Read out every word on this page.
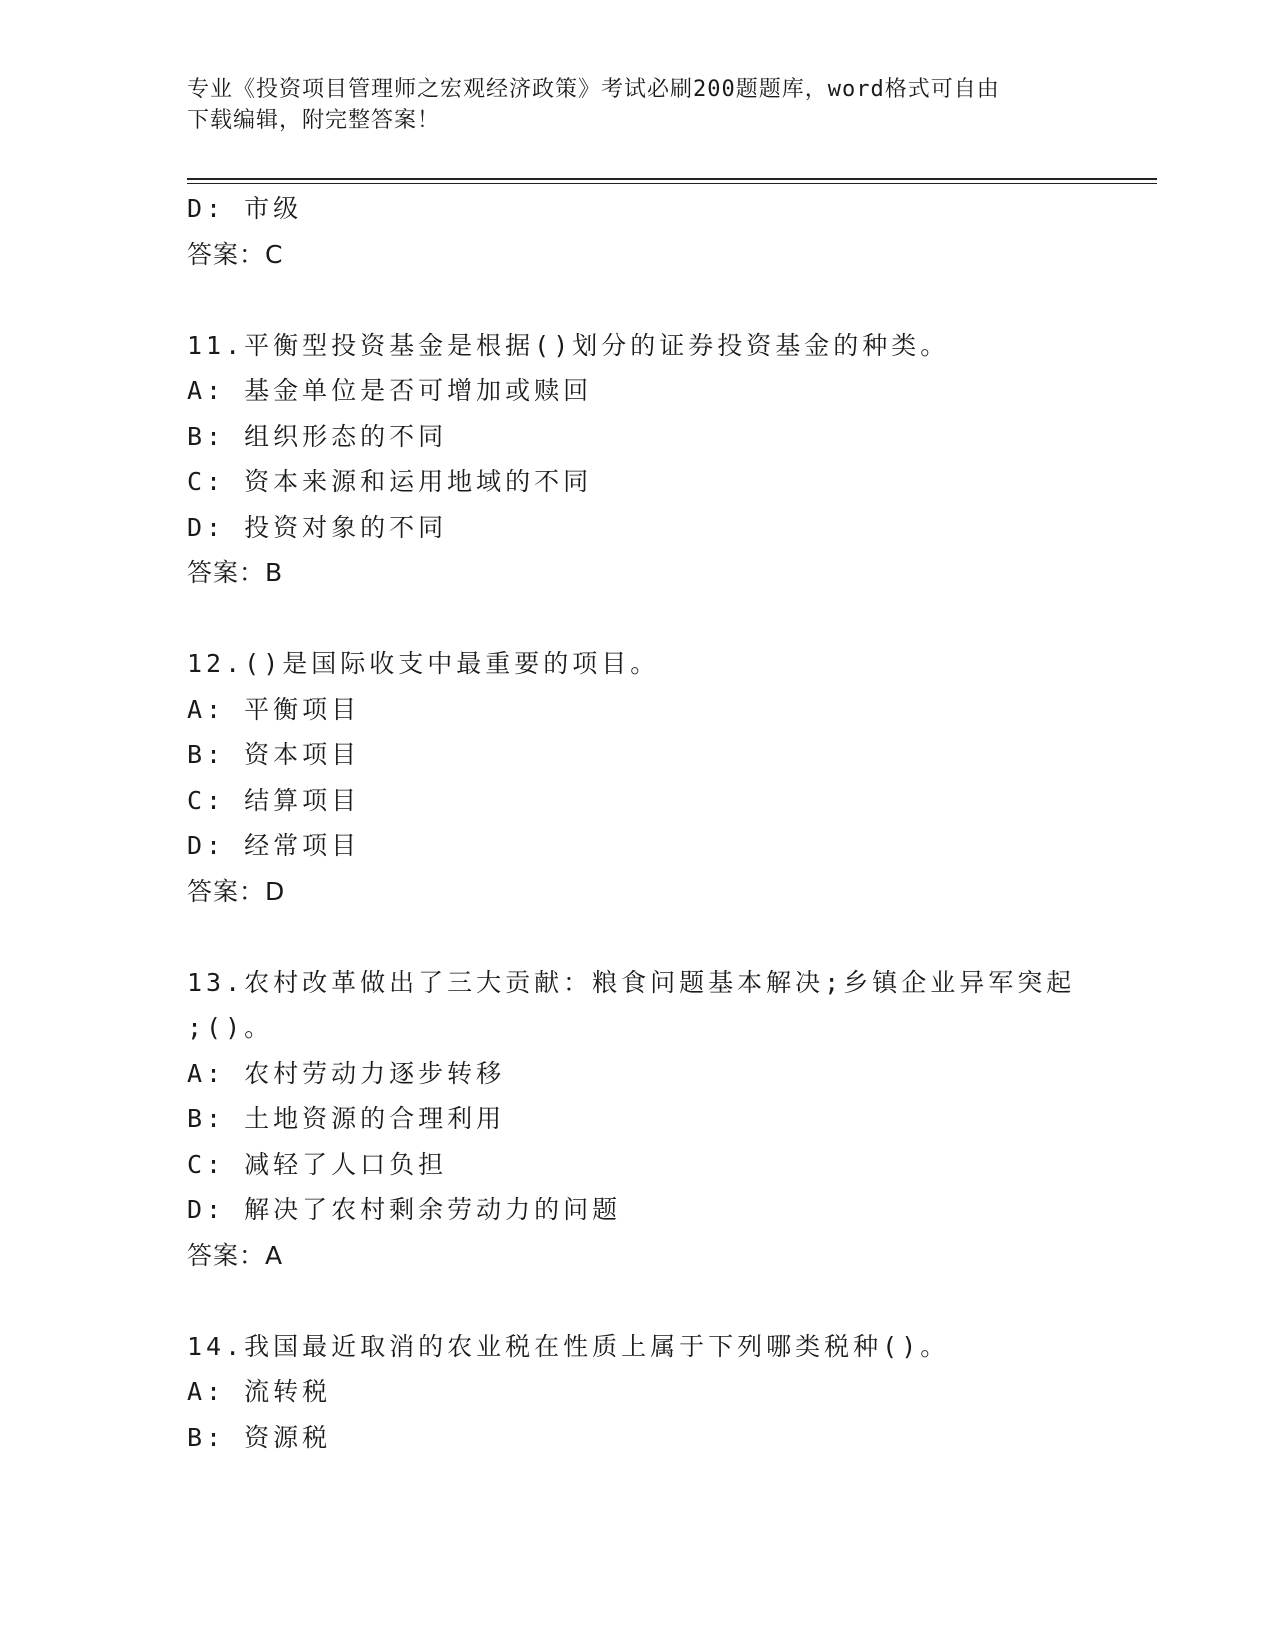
专业《投资项目管理师之宏观经济政策》考试必刷200题题库，word格式可自由
下载编辑，附完整答案！
D: 市级
答案：C
11.平衡型投资基金是根据()划分的证券投资基金的种类。
A: 基金单位是否可增加或赎回
B: 组织形态的不同
C: 资本来源和运用地域的不同
D: 投资对象的不同
答案：B
12.()是国际收支中最重要的项目。
A: 平衡项目
B: 资本项目
C: 结算项目
D: 经常项目
答案：D
13.农村改革做出了三大贡献：粮食问题基本解决;乡镇企业异军突起
;()。
A: 农村劳动力逐步转移
B: 土地资源的合理利用
C: 减轻了人口负担
D: 解决了农村剩余劳动力的问题
答案：A
14.我国最近取消的农业税在性质上属于下列哪类税种()。
A: 流转税
B: 资源税
